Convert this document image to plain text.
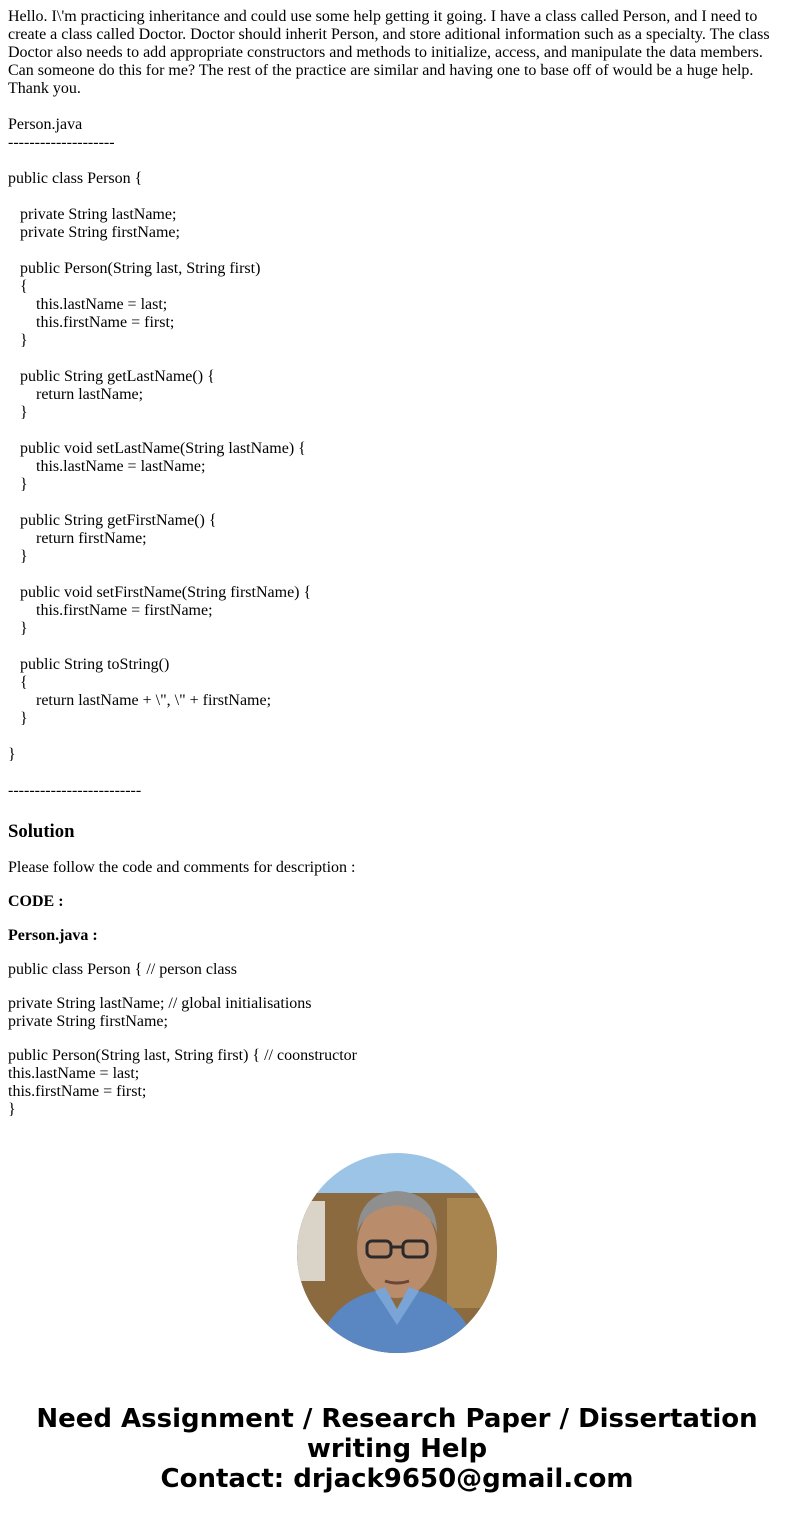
Hello. I\'m practicing inheritance and could use some help getting it going. I have a class called Person, and I need to
create a class called Doctor. Doctor should inherit Person, and store aditional information such as a specialty. The class
Doctor also needs to add appropriate constructors and methods to initialize, access, and manipulate the data members.
Can someone do this for me? The rest of the practice are similar and having one to base off of would be a huge help.
Thank you.
Person.java
--------------------
public class Person {
private String lastName;
private String firstName;
public Person(String last, String first)
{
this.lastName = last;
this.firstName = first;
}
public String getLastName() {
return lastName;
}
public void setLastName(String lastName) {
this.lastName = lastName;
}
public String getFirstName() {
return firstName;
}
public void setFirstName(String firstName) {
this.firstName = firstName;
}
public String toString()
{
return lastName + \", \" + firstName;
}
}
-------------------------
Solution

Please follow the code and comments for description :

CODE :

Person.java :

public class Person { // person class

private String lastName; // global initialisations
private String firstName;

public Person(String last, String first) { // coonstructor
this.lastName = last;
this.firstName = first;
}

Need Assignment / Research Paper / Dissertation
writing Help
Contact: drjack9650@gmail.com
